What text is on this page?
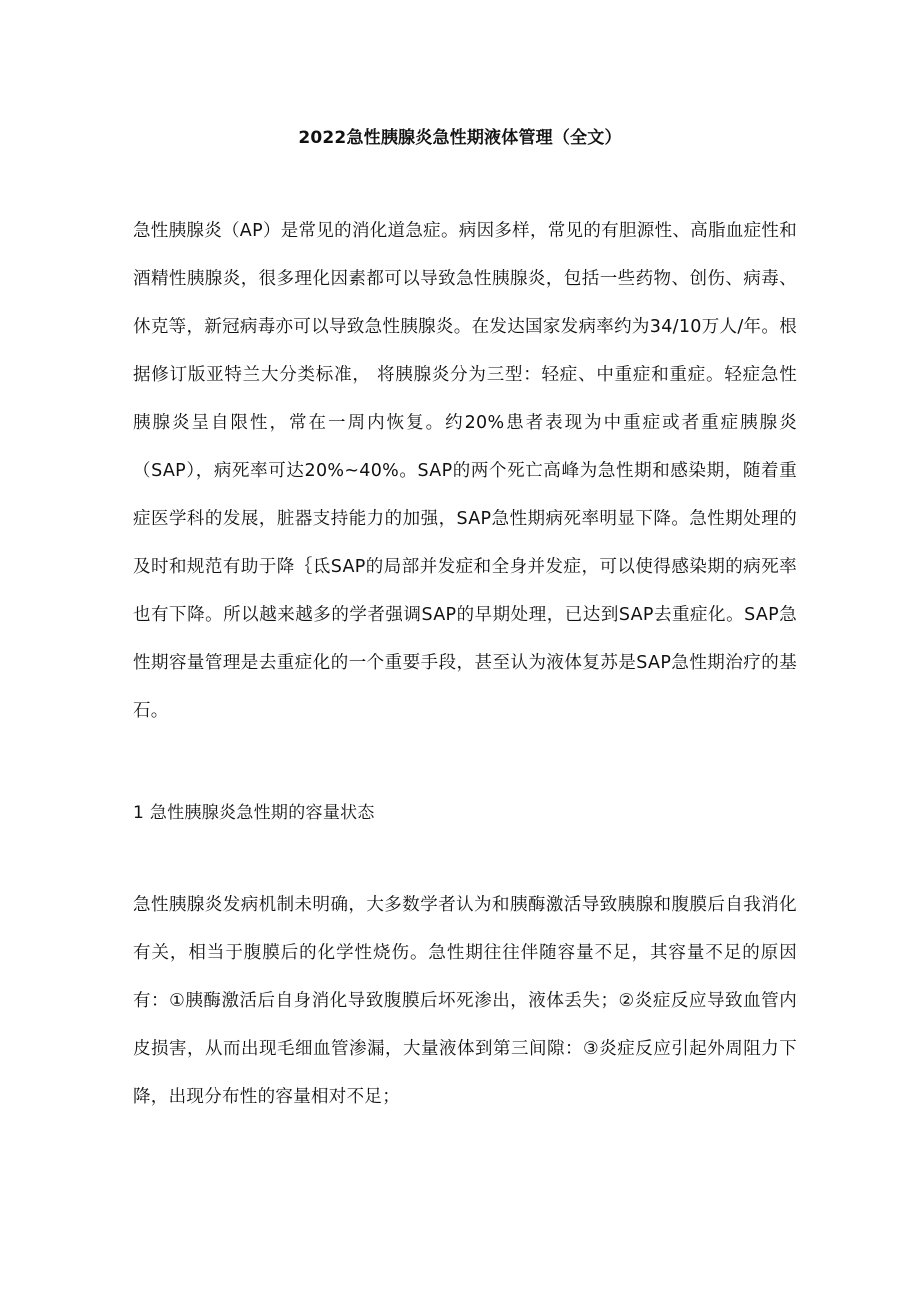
2022急性胰腺炎急性期液体管理（全文）

急性胰腺炎（AP）是常见的消化道急症。病因多样，常见的有胆源性、高脂血症性和酒精性胰腺炎，很多理化因素都可以导致急性胰腺炎，包括一些药物、创伤、病毒、休克等，新冠病毒亦可以导致急性胰腺炎。在发达国家发病率约为34/10万人/年。根据修订版亚特兰大分类标准， 将胰腺炎分为三型：轻症、中重症和重症。轻症急性胰腺炎呈自限性，常在一周内恢复。约20%患者表现为中重症或者重症胰腺炎（SAP），病死率可达20%~40%。SAP的两个死亡高峰为急性期和感染期，随着重症医学科的发展，脏器支持能力的加强，SAP急性期病死率明显下降。急性期处理的及时和规范有助于降｛氐SAP的局部并发症和全身并发症，可以使得感染期的病死率也有下降。所以越来越多的学者强调SAP的早期处理，已达到SAP去重症化。SAP急性期容量管理是去重症化的一个重要手段，甚至认为液体复苏是SAP急性期治疗的基石。

1 急性胰腺炎急性期的容量状态

急性胰腺炎发病机制未明确，大多数学者认为和胰酶激活导致胰腺和腹膜后自我消化有关，相当于腹膜后的化学性烧伤。急性期往往伴随容量不足，其容量不足的原因有：①胰酶激活后自身消化导致腹膜后坏死渗出，液体丢失；②炎症反应导致血管内皮损害，从而出现毛细血管渗漏，大量液体到第三间隙：③炎症反应引起外周阻力下降，出现分布性的容量相对不足；
